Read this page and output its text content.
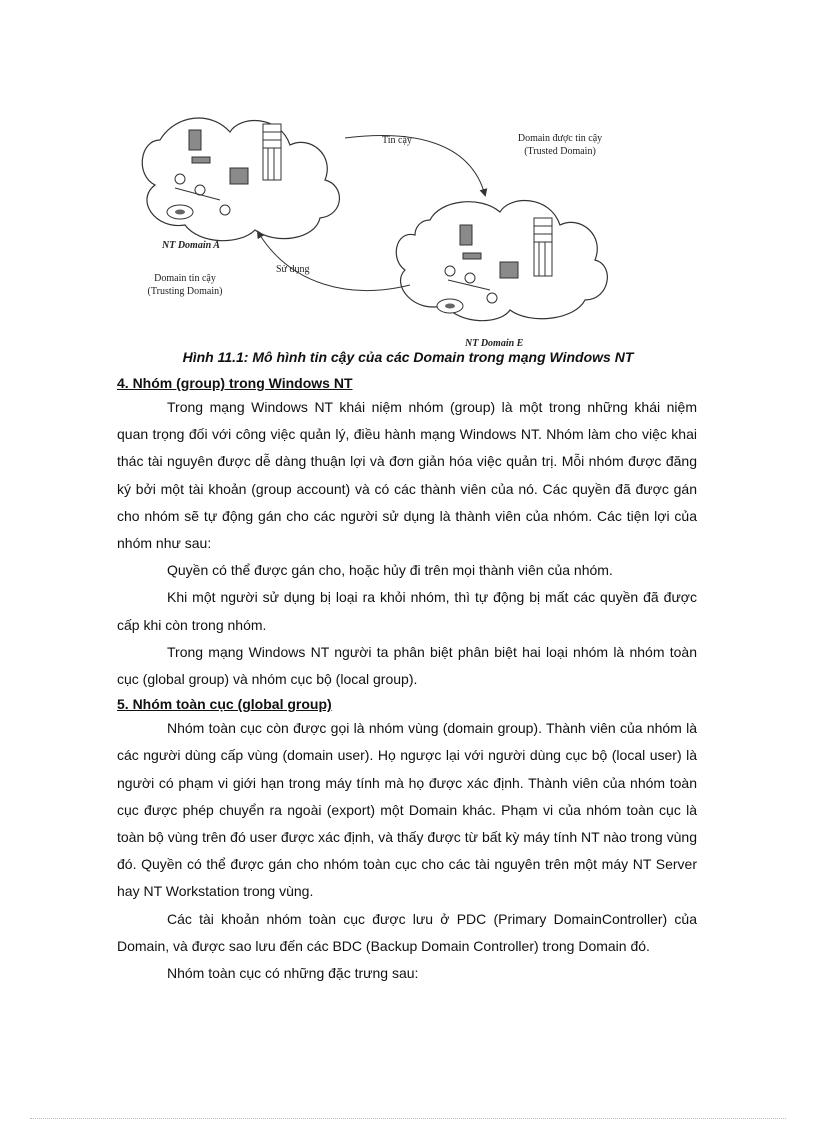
Tin cậy
Sử dụng
Domain được tin cậy
(Trusted Domain)
Domain tin cậy
(Trusting Domain)
NT Domain A
NT Domain E
Hình 11.1: Mô hình tin cậy của các Domain trong mạng Windows NT

4. Nhóm (group) trong Windows NT

Trong mạng Windows NT khái niệm nhóm (group) là một trong những khái niệm quan trọng đối với công việc quản lý, điều hành mạng Windows NT. Nhóm làm cho việc khai thác tài nguyên được dễ dàng thuận lợi và đơn giản hóa việc quản trị. Mỗi nhóm được đăng ký bởi một tài khoản (group account) và có các thành viên của nó. Các quyền đã được gán cho nhóm sẽ tự động gán cho các người sử dụng là thành viên của nhóm. Các tiện lợi của nhóm như sau:

Quyền có thể được gán cho, hoặc hủy đi trên mọi thành viên của nhóm.

Khi một người sử dụng bị loại ra khỏi nhóm, thì tự động bị mất các quyền đã được cấp khi còn trong nhóm.

Trong mạng Windows NT người ta phân biệt phân biệt hai loại nhóm là nhóm toàn cục (global group) và nhóm cục bộ (local group).

5. Nhóm toàn cục (global group)

Nhóm toàn cục còn được gọi là nhóm vùng (domain group). Thành viên của nhóm là các người dùng cấp vùng (domain user). Họ ngược lại với người dùng cục bộ (local user) là người có phạm vi giới hạn trong máy tính mà họ được xác định. Thành viên của nhóm toàn cục được phép chuyển ra ngoài (export) một Domain khác. Phạm vi của nhóm toàn cục là toàn bộ vùng trên đó user được xác định, và thấy được từ bất kỳ máy tính NT nào trong vùng đó. Quyền có thể được gán cho nhóm toàn cục cho các tài nguyên trên một máy NT Server hay NT Workstation trong vùng.

Các tài khoản nhóm toàn cục được lưu ở PDC (Primary DomainController) của Domain, và được sao lưu đến các BDC (Backup Domain Controller) trong Domain đó.

Nhóm toàn cục có những đặc trưng sau:
